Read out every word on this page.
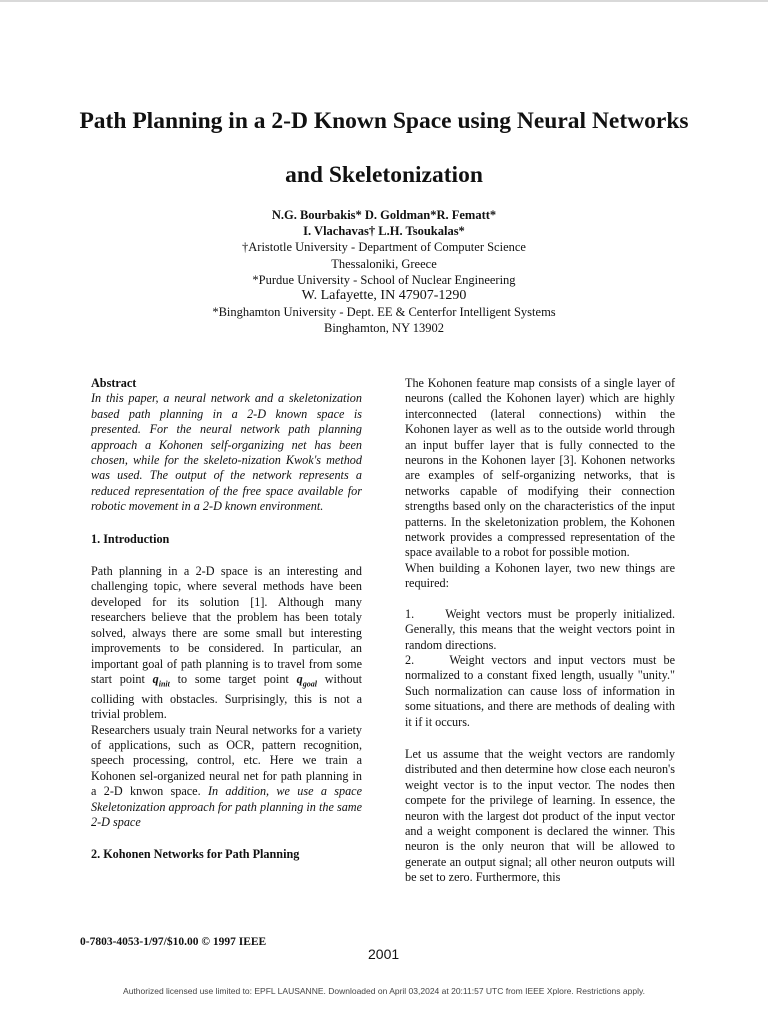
Path Planning in a 2-D Known Space using Neural Networks and Skeletonization
N.G. Bourbakis* D. Goldman*R. Fematt*
I. Vlachavas† L.H. Tsoukalas*
†Aristotle University - Department of Computer Science
Thessaloniki, Greece
*Purdue University - School of Nuclear Engineering
W. Lafayette, IN 47907-1290
*Binghamton University - Dept. EE & Centerfor Intelligent Systems
Binghamton, NY 13902

Abstract

In this paper, a neural network and a skeletonization based path planning in a 2-D known space is presented. For the neural network path planning approach a Kohonen self-organizing net has been chosen, while for the skeleto-nization Kwok's method was used. The output of the network represents a reduced representation of the free space available for robotic movement in a 2-D known environment.

1. Introduction

Path planning in a 2-D space is an interesting and challenging topic, where several methods have been developed for its solution [1]. Although many researchers believe that the problem has been totaly solved, always there are some small but interesting improvements to be considered. In particular, an important goal of path planning is to travel from some start point $q_{init}$ to some target point $q_{goal}$ without colliding with obstacles. Surprisingly, this is not a trivial problem.

Researchers usualy train Neural networks for a variety of applications, such as OCR, pattern recognition, speech processing, control, etc. Here we train a Kohonen sel-organized neural net for path planning in a 2-D knwon space. In addition, we use a space Skeletonization approach for path planning in the same 2-D space

2. Kohonen Networks for Path Planning

The Kohonen feature map consists of a single layer of neurons (called the Kohonen layer) which are highly interconnected (lateral connections) within the Kohonen layer as well as to the outside world through an input buffer layer that is fully connected to the neurons in the Kohonen layer [3]. Kohonen networks are examples of self-organizing networks, that is networks capable of modifying their connection strengths based only on the characteristics of the input patterns. In the skeletonization problem, the Kohonen network provides a compressed representation of the space available to a robot for possible motion.

When building a Kohonen layer, two new things are required:

1.	Weight vectors must be properly initialized. Generally, this means that the weight vectors point in random directions.

2.	Weight vectors and input vectors must be normalized to a constant fixed length, usually "unity." Such normalization can cause loss of information in some situations, and there are methods of dealing with it if it occurs.

Let us assume that the weight vectors are randomly distributed and then determine how close each neuron's weight vector is to the input vector. The nodes then compete for the privilege of learning. In essence, the neuron with the largest dot product of the input vector and a weight component is declared the winner. This neuron is the only neuron that will be allowed to generate an output signal; all other neuron outputs will be set to zero. Furthermore, this

0-7803-4053-1/97/$10.00 © 1997 IEEE
2001
Authorized licensed use limited to: EPFL LAUSANNE. Downloaded on April 03,2024 at 20:11:57 UTC from IEEE Xplore. Restrictions apply.
